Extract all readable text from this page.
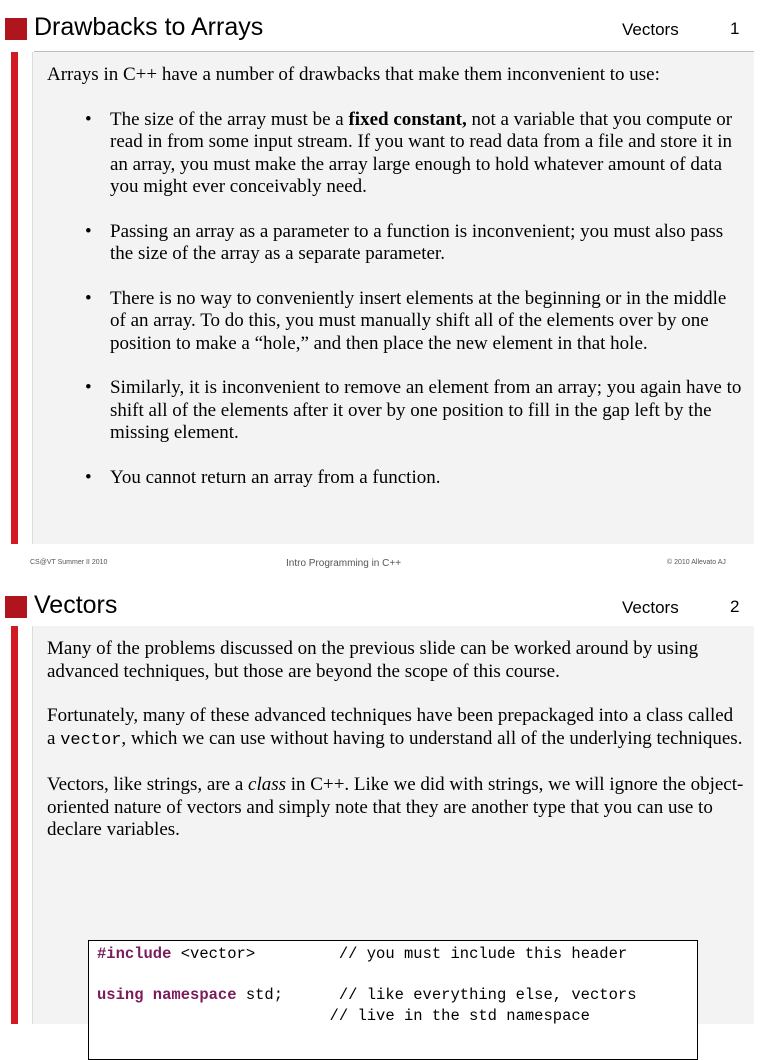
Drawbacks to Arrays	Vectors	1

Arrays in C++ have a number of drawbacks that make them inconvenient to use:

• The size of the array must be a fixed constant, not a variable that you compute or read in from some input stream. If you want to read data from a file and store it in an array, you must make the array large enough to hold whatever amount of data you might ever conceivably need.
• Passing an array as a parameter to a function is inconvenient; you must also pass the size of the array as a separate parameter.
• There is no way to conveniently insert elements at the beginning or in the middle of an array. To do this, you must manually shift all of the elements over by one position to make a “hole,” and then place the new element in that hole.
• Similarly, it is inconvenient to remove an element from an array; you again have to shift all of the elements after it over by one position to fill in the gap left by the missing element.
• You cannot return an array from a function.
CS@VT Summer II 2010	Intro Programming in C++	© 2010 Allevato AJ
Vectors	Vectors	2

Many of the problems discussed on the previous slide can be worked around by using advanced techniques, but those are beyond the scope of this course.

Fortunately, many of these advanced techniques have been prepackaged into a class called a vector, which we can use without having to understand all of the underlying techniques.

Vectors, like strings, are a class in C++. Like we did with strings, we will ignore the object-oriented nature of vectors and simply note that they are another type that you can use to declare variables.

#include <vector>         // you must include this header
using namespace std;      // like everything else, vectors
// live in the std namespace
